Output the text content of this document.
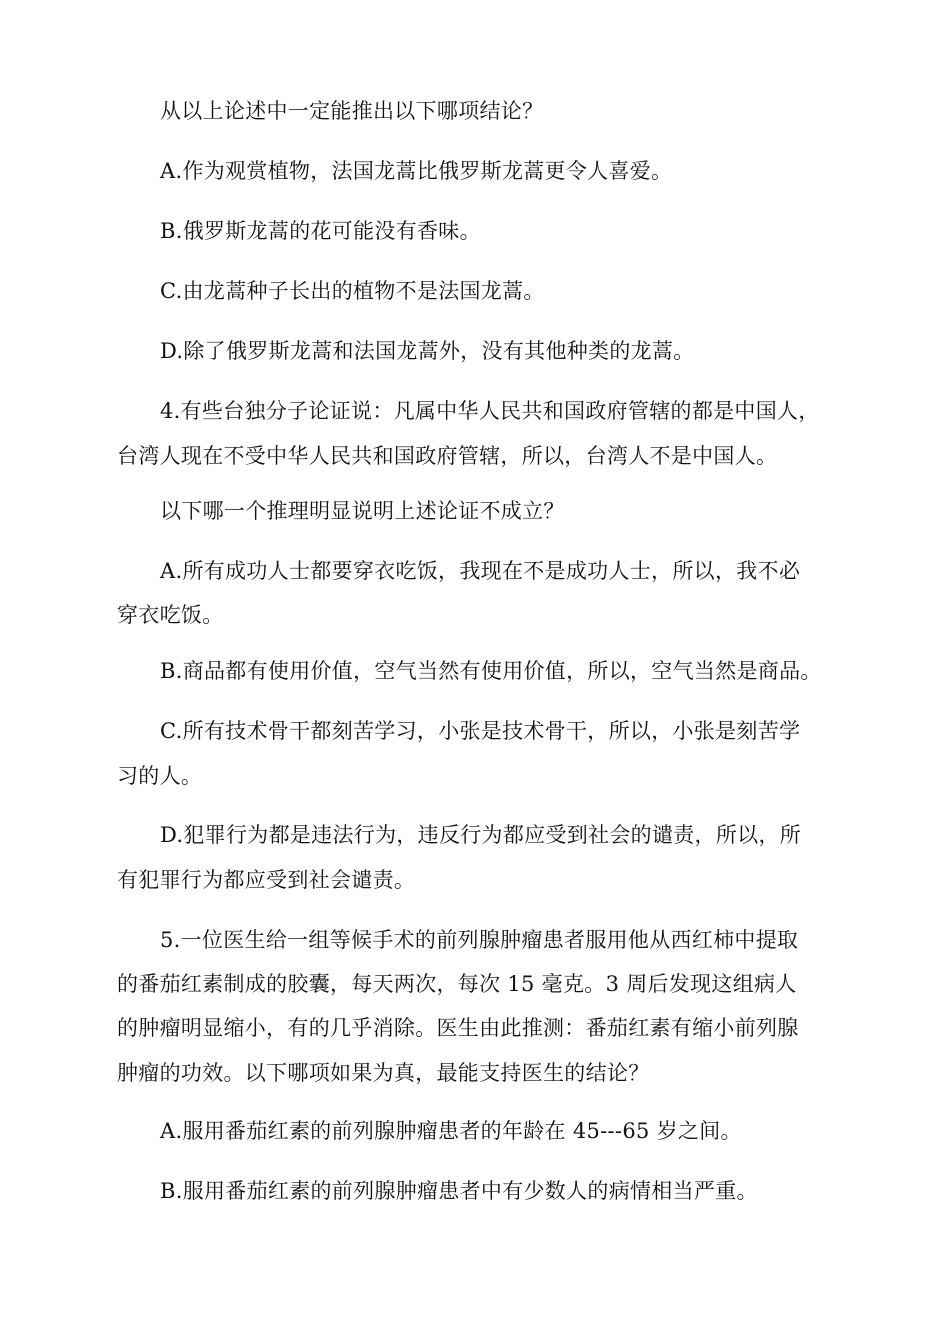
从以上论述中一定能推出以下哪项结论？
A.作为观赏植物，法国龙蒿比俄罗斯龙蒿更令人喜爱。
B.俄罗斯龙蒿的花可能没有香味。
C.由龙蒿种子长出的植物不是法国龙蒿。
D.除了俄罗斯龙蒿和法国龙蒿外，没有其他种类的龙蒿。
4.有些台独分子论证说：凡属中华人民共和国政府管辖的都是中国人，
台湾人现在不受中华人民共和国政府管辖，所以，台湾人不是中国人。
以下哪一个推理明显说明上述论证不成立？
A.所有成功人士都要穿衣吃饭，我现在不是成功人士，所以，我不必
穿衣吃饭。
B.商品都有使用价值，空气当然有使用价值，所以，空气当然是商品。
C.所有技术骨干都刻苦学习，小张是技术骨干，所以，小张是刻苦学
习的人。
D.犯罪行为都是违法行为，违反行为都应受到社会的谴责，所以，所
有犯罪行为都应受到社会谴责。
5.一位医生给一组等候手术的前列腺肿瘤患者服用他从西红柿中提取
的番茄红素制成的胶囊，每天两次，每次 15 毫克。3 周后发现这组病人
的肿瘤明显缩小，有的几乎消除。医生由此推测：番茄红素有缩小前列腺
肿瘤的功效。以下哪项如果为真，最能支持医生的结论？
A.服用番茄红素的前列腺肿瘤患者的年龄在 45---65 岁之间。
B.服用番茄红素的前列腺肿瘤患者中有少数人的病情相当严重。
